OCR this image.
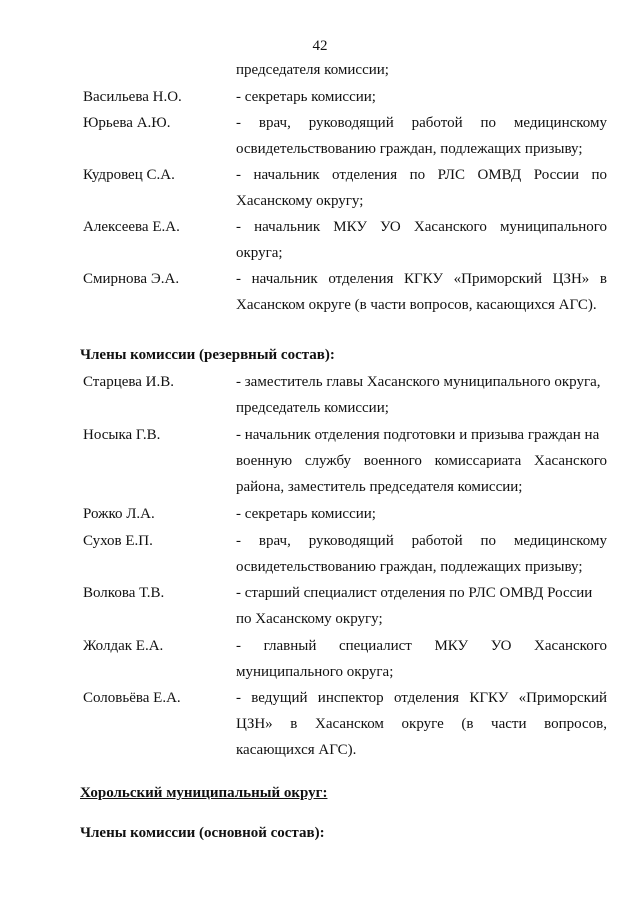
42
председателя комиссии;
Васильева Н.О.	- секретарь комиссии;
Юрьева А.Ю.	- врач, руководящий работой по медицинскому
освидетельствованию граждан, подлежащих призыву;
Кудровец С.А.	- начальник отделения по РЛС ОМВД России по
Хасанскому округу;
Алексеева Е.А.	- начальник МКУ УО Хасанского муниципального
округа;
Смирнова Э.А.	- начальник отделения КГКУ «Приморский ЦЗН» в
Хасанском округе (в части вопросов, касающихся АГС).
Члены комиссии (резервный состав):
Старцева И.В.	- заместитель главы Хасанского муниципального округа,
председатель комиссии;
Носыка Г.В.	- начальник отделения подготовки и призыва граждан на
военную службу военного комиссариата Хасанского
района, заместитель председателя комиссии;
Рожко Л.А.	- секретарь комиссии;
Сухов Е.П.	- врач, руководящий работой по медицинскому
освидетельствованию граждан, подлежащих призыву;
Волкова Т.В.	- старший специалист отделения по РЛС ОМВД России
по Хасанскому округу;
Жолдак Е.А.	- главный специалист МКУ УО Хасанского
муниципального округа;
Соловьёва Е.А.	- ведущий инспектор отделения КГКУ «Приморский
ЦЗН» в Хасанском округе (в части вопросов,
касающихся АГС).
Хорольский муниципальный округ:
Члены комиссии (основной состав):
